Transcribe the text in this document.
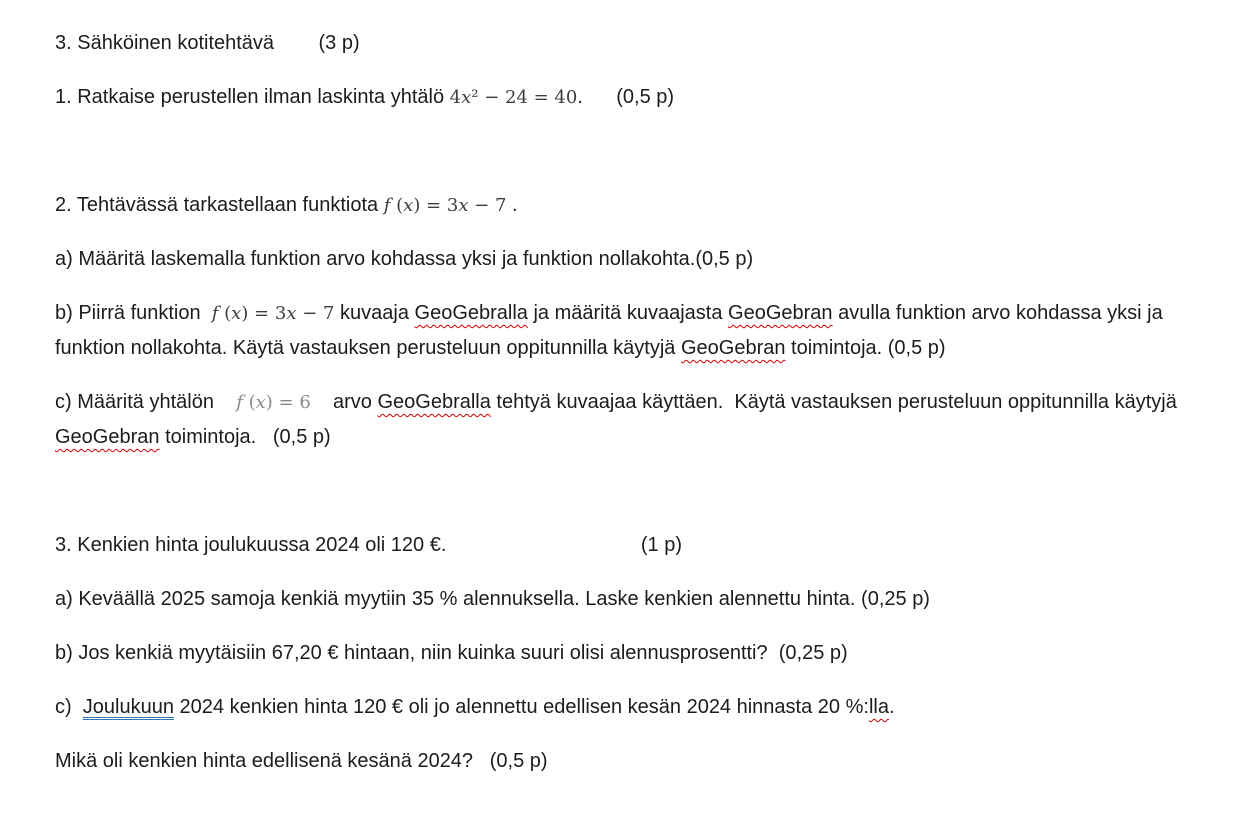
3. Sähköinen kotitehtävä        (3 p)

1. Ratkaise perustellen ilman laskinta yhtälö 4x² − 24 = 40.      (0,5 p)

2. Tehtävässä tarkastellaan funktiota f (x) = 3x − 7 .

a) Määritä laskemalla funktion arvo kohdassa yksi ja funktion nollakohta.(0,5 p)

b) Piirrä funktion  f (x) = 3x − 7 kuvaaja GeoGebralla ja määritä kuvaajasta GeoGebran avulla funktion arvo kohdassa yksi ja funktion nollakohta. Käytä vastauksen perusteluun oppitunnilla käytyjä GeoGebran toimintoja. (0,5 p)

c) Määritä yhtälön    f (x) = 6    arvo GeoGebralla tehtyä kuvaajaa käyttäen.  Käytä vastauksen perusteluun oppitunnilla käytyjä GeoGebran toimintoja.   (0,5 p)

3. Kenkien hinta joulukuussa 2024 oli 120 €.                                   (1 p)

a) Keväällä 2025 samoja kenkiä myytiin 35 % alennuksella. Laske kenkien alennettu hinta. (0,25 p)

b) Jos kenkiä myytäisiin 67,20 € hintaan, niin kuinka suuri olisi alennusprosentti?  (0,25 p)

c)  Joulukuun 2024 kenkien hinta 120 € oli jo alennettu edellisen kesän 2024 hinnasta 20 %:lla.

Mikä oli kenkien hinta edellisenä kesänä 2024?   (0,5 p)
